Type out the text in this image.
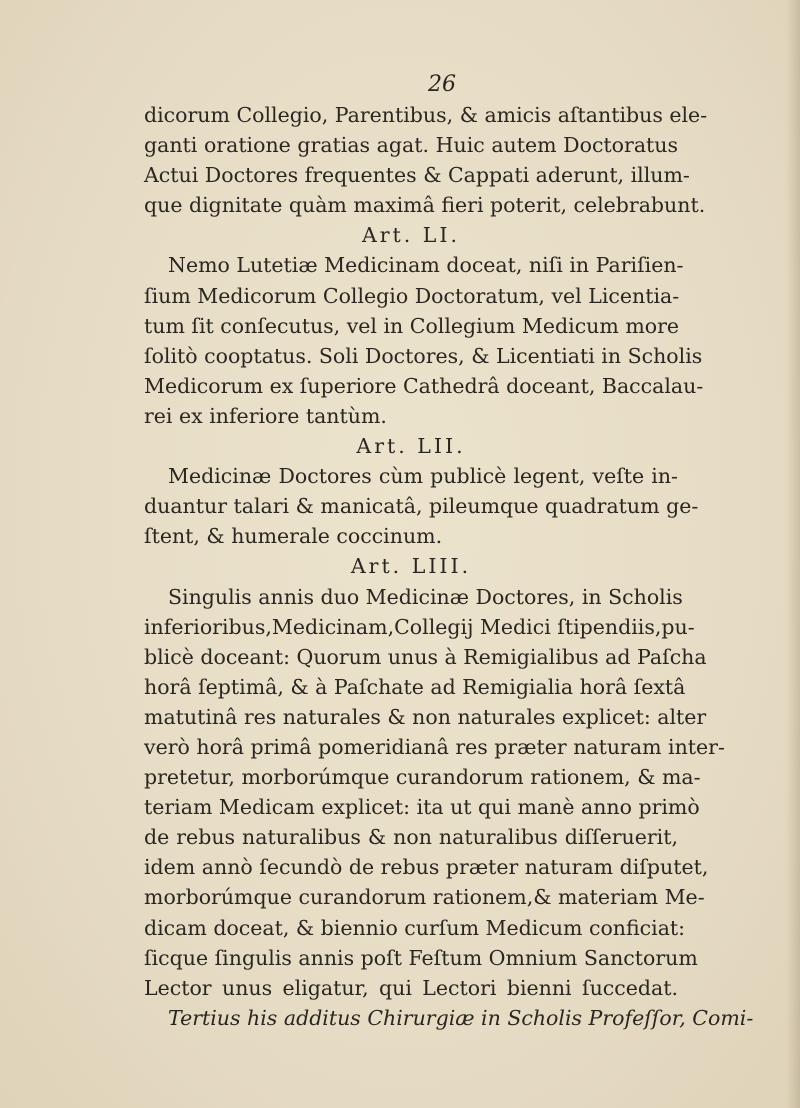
26
dicorum Collegio, Parentibus, & amicis aſtantibus ele-
ganti oratione gratias agat. Huic autem Doctoratus
Actui Doctores frequentes & Cappati aderunt, illum-
que dignitate quàm maximâ fieri poterit, celebrabunt.
Art. LI.
Nemo Lutetiæ Medicinam doceat, niſi in Pariſien-
ſium Medicorum Collegio Doctoratum, vel Licentia-
tum ſit conſecutus, vel in Collegium Medicum more
ſolitò cooptatus. Soli Doctores, & Licentiati in Scholis
Medicorum ex ſuperiore Cathedrâ doceant, Baccalau-
rei ex inferiore tantùm.
Art. LII.
Medicinæ Doctores cùm publicè legent, veſte in-
duantur talari & manicatâ, pileumque quadratum ge-
ſtent, & humerale coccinum.
Art. LIII.
Singulis annis duo Medicinæ Doctores, in Scholis
inferioribus,Medicinam,Collegij Medici ſtipendiis,pu-
blicè doceant: Quorum unus à Remigialibus ad Paſcha
horâ ſeptimâ, & à Paſchate ad Remigialia horâ ſextâ
matutinâ res naturales & non naturales explicet: alter
verò horâ primâ pomeridianâ res præter naturam inter-
pretetur, morborúmque curandorum rationem, & ma-
teriam Medicam explicet: ita ut qui manè anno primò
de rebus naturalibus & non naturalibus diſſeruerit,
idem annò ſecundò de rebus præter naturam diſputet,
morborúmque curandorum rationem,& materiam Me-
dicam doceat, & biennio curſum Medicum conficiat:
ſicque ſingulis annis poſt Feſtum Omnium Sanctorum
Lector unus eligatur, qui Lectori bienni ſuccedat.
Tertius his additus Chirurgiæ in Scholis Profeſſor, Comi-
